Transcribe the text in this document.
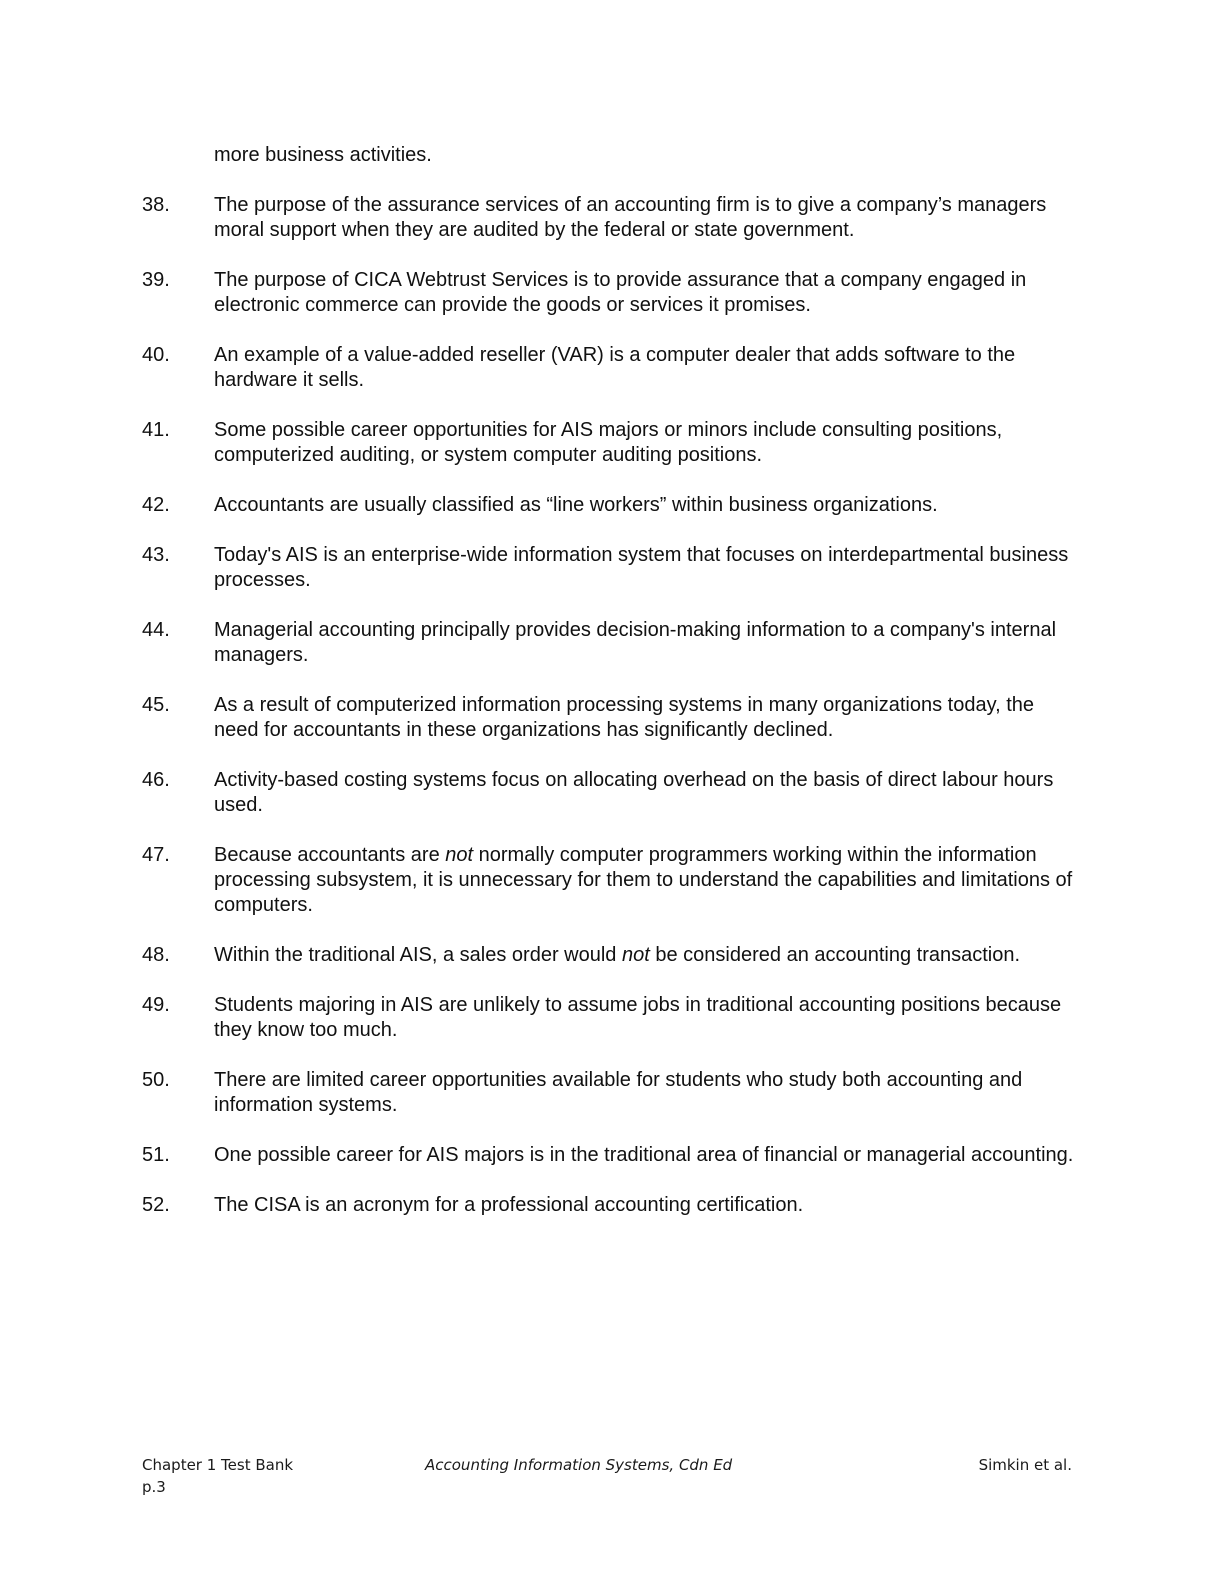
more business activities.
38.	The purpose of the assurance services of an accounting firm is to give a company’s managers moral support when they are audited by the federal or state government.
39.	The purpose of CICA Webtrust Services is to provide assurance that a company engaged in electronic commerce can provide the goods or services it promises.
40.	An example of a value-added reseller (VAR) is a computer dealer that adds software to the hardware it sells.
41.	Some possible career opportunities for AIS majors or minors include consulting positions, computerized auditing, or system computer auditing positions.
42.	Accountants are usually classified as “line workers” within business organizations.
43.	Today's AIS is an enterprise-wide information system that focuses on interdepartmental business processes.
44.	Managerial accounting principally provides decision-making information to a company's internal managers.
45.	As a result of computerized information processing systems in many organizations today, the need for accountants in these organizations has significantly declined.
46.	Activity-based costing systems focus on allocating overhead on the basis of direct labour hours used.
47.	Because accountants are not normally computer programmers working within the information processing subsystem, it is unnecessary for them to understand the capabilities and limitations of computers.
48.	Within the traditional AIS, a sales order would not be considered an accounting transaction.
49.	Students majoring in AIS are unlikely to assume jobs in traditional accounting positions because they know too much.
50.	There are limited career opportunities available for students who study both accounting and information systems.
51.	One possible career for AIS majors is in the traditional area of financial or managerial accounting.
52.	The CISA is an acronym for a professional accounting certification.
Chapter 1 Test Bank	Accounting Information Systems, Cdn Ed	Simkin et al.
p.3
